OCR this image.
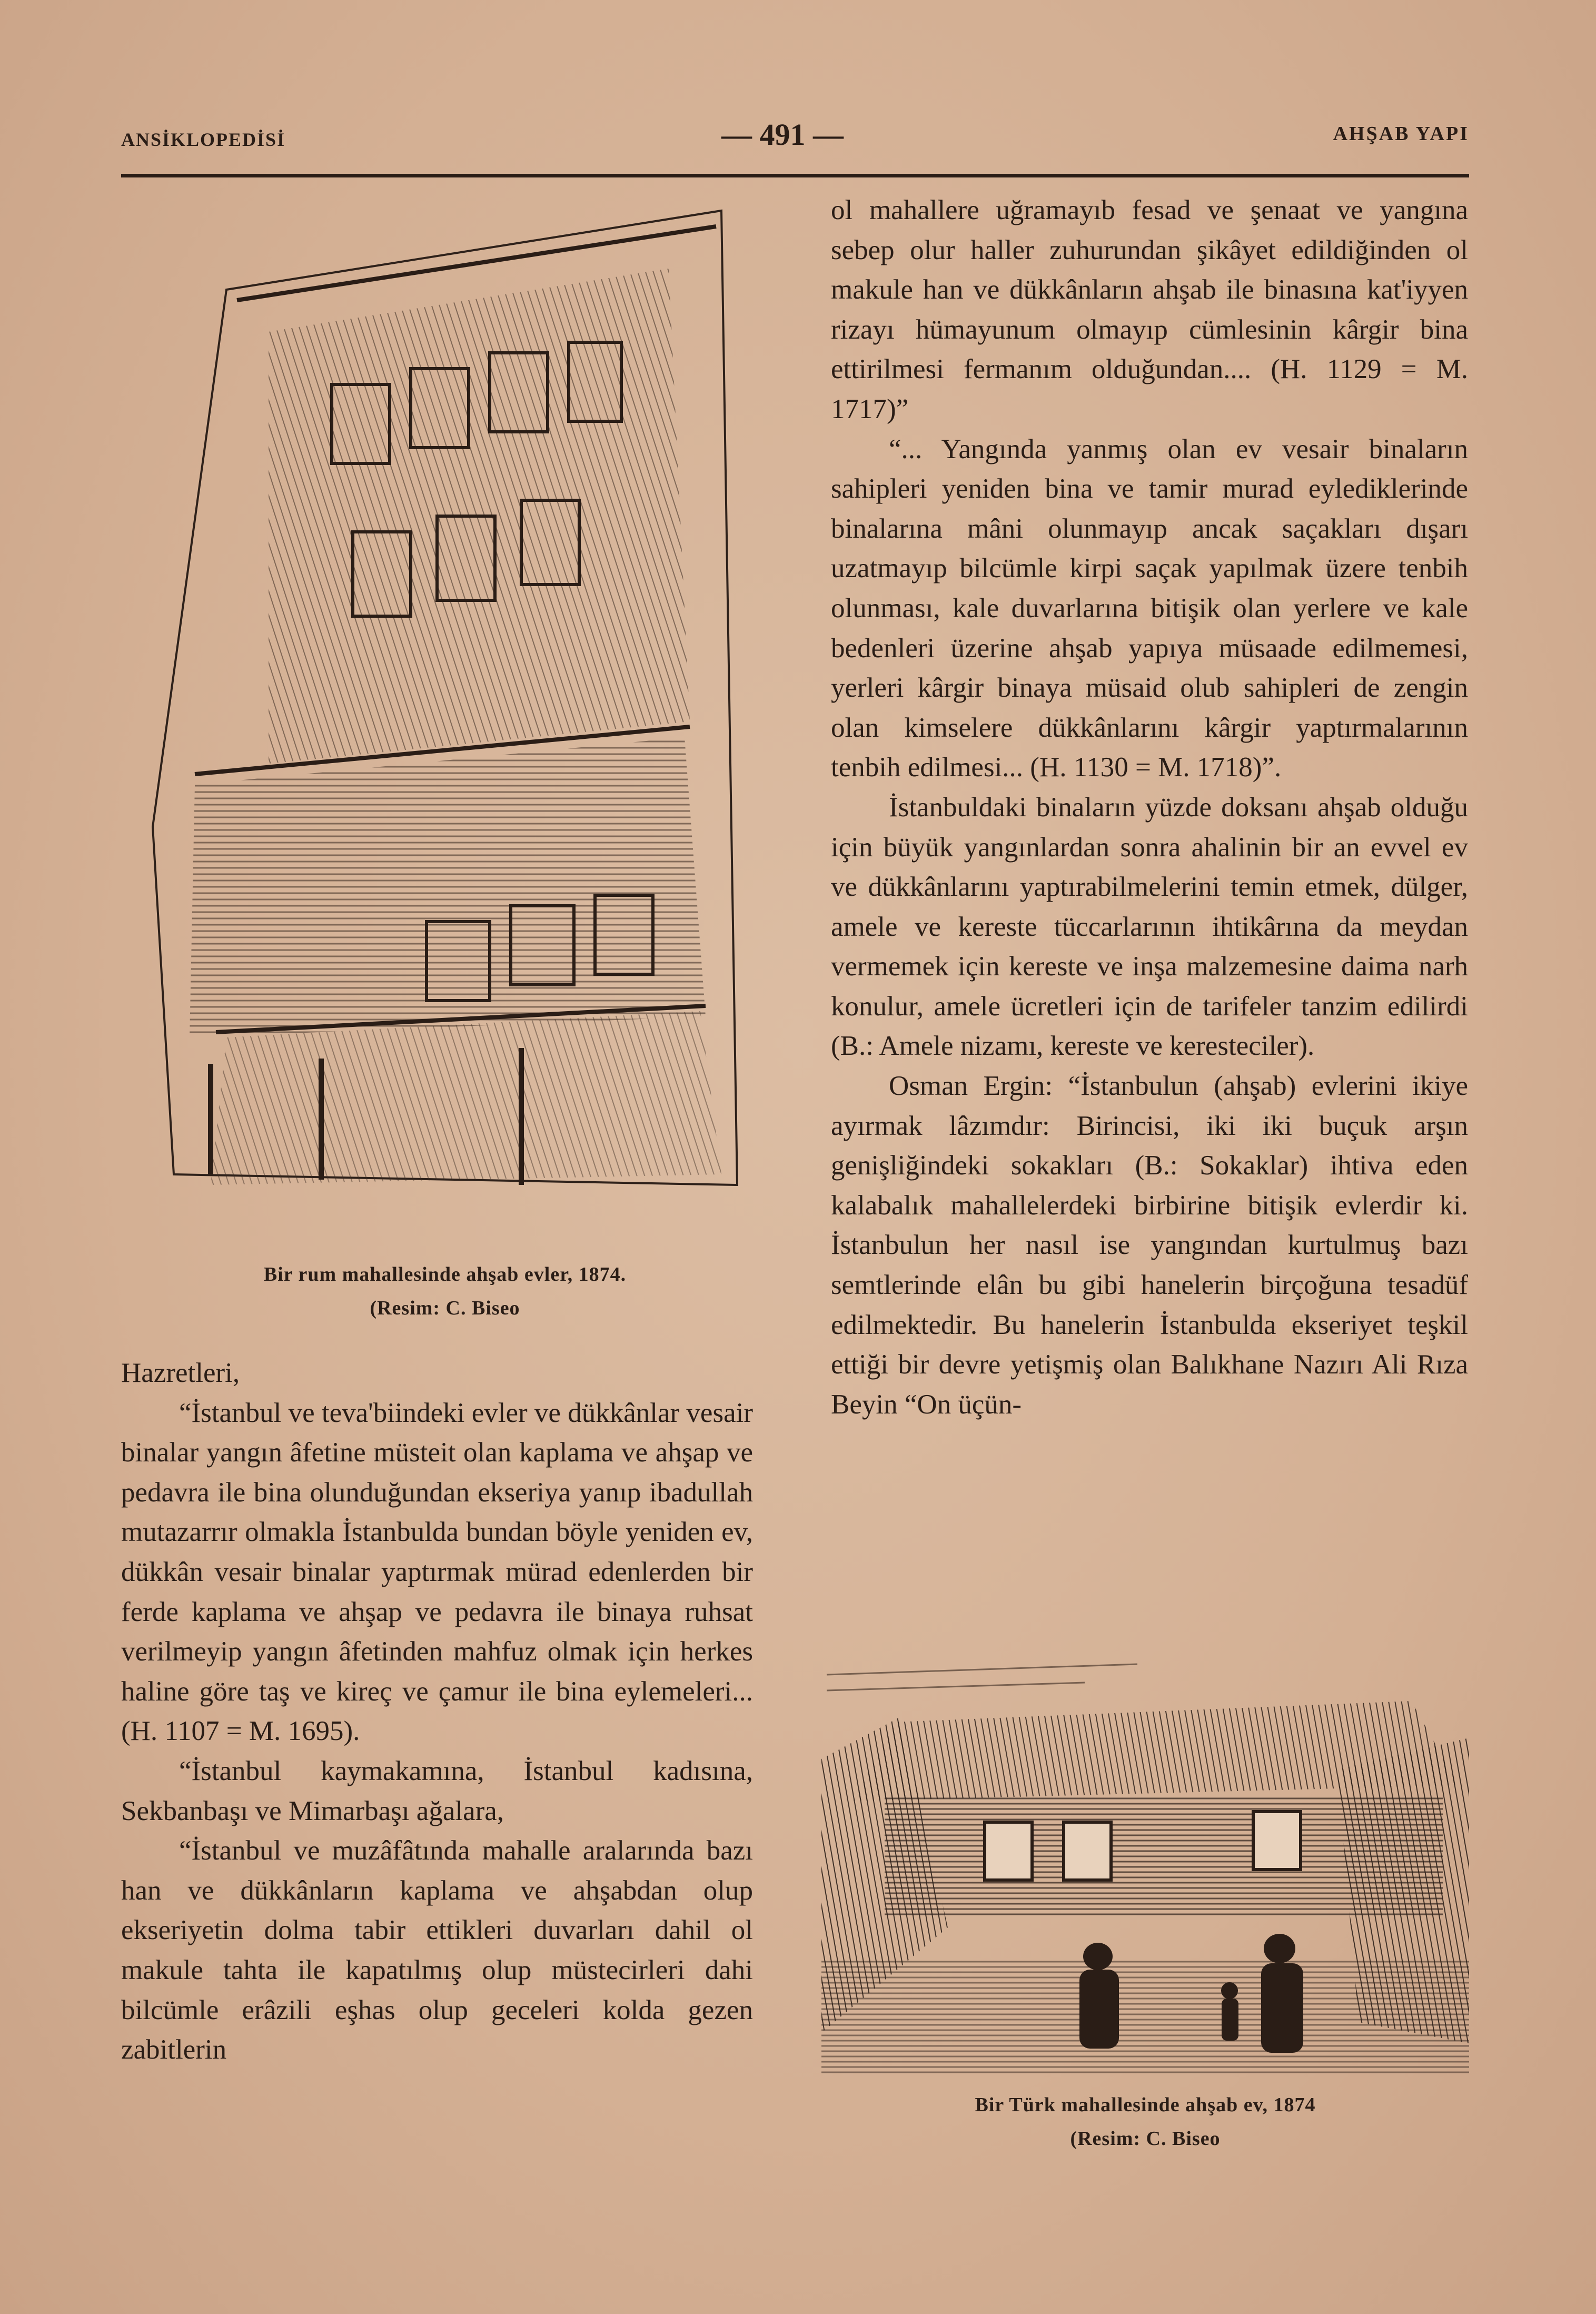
ANSİKLOPEDİSİ	— 491 —	AHŞAB YAPI
Bir rum mahallesinde ahşab evler, 1874.
(Resim: C. Biseo

Hazretleri,

“İstanbul ve teva'biindeki evler ve dükkânlar vesair binalar yangın âfetine müsteit olan kaplama ve ahşap ve pedavra ile bina olunduğundan ekseriya yanıp ibadullah mutazarrır olmakla İstanbulda bundan böyle yeniden ev, dükkân vesair binalar yaptırmak mürad edenlerden bir ferde kaplama ve ahşap ve pedavra ile binaya ruhsat verilmeyip yangın âfetinden mahfuz olmak için herkes haline göre taş ve kireç ve çamur ile bina eylemeleri... (H. 1107 = M. 1695).

“İstanbul kaymakamına, İstanbul kadısına, Sekbanbaşı ve Mimarbaşı ağalara,

“İstanbul ve muzâfâtında mahalle aralarında bazı han ve dükkânların kaplama ve ahşabdan olup ekseriyetin dolma tabir ettikleri duvarları dahil ol makule tahta ile kapatılmış olup müstecirleri dahi bilcümle erâzili eşhas olup geceleri kolda gezen zabitlerin

ol mahallere uğramayıb fesad ve şenaat ve yangına sebep olur haller zuhurundan şikâyet edildiğinden ol makule han ve dükkânların ahşab ile binasına kat'iyyen rizayı hümayunum olmayıp cümlesinin kârgir bina ettirilmesi fermanım olduğundan.... (H. 1129 = M. 1717)”

“... Yangında yanmış olan ev vesair binaların sahipleri yeniden bina ve tamir murad eylediklerinde binalarına mâni olunmayıp ancak saçakları dışarı uzatmayıp bilcümle kirpi saçak yapılmak üzere tenbih olunması, kale duvarlarına bitişik olan yerlere ve kale bedenleri üzerine ahşab yapıya müsaade edilmemesi, yerleri kârgir binaya müsaid olub sahipleri de zengin olan kimselere dükkânlarını kârgir yaptırmalarının tenbih edilmesi... (H. 1130 = M. 1718)”.

İstanbuldaki binaların yüzde doksanı ahşab olduğu için büyük yangınlardan sonra ahalinin bir an evvel ev ve dükkânlarını yaptırabilmelerini temin etmek, dülger, amele ve kereste tüccarlarının ihtikârına da meydan vermemek için kereste ve inşa malzemesine daima narh konulur, amele ücretleri için de tarifeler tanzim edilirdi (B.: Amele nizamı, kereste ve keresteciler).

Osman Ergin: “İstanbulun (ahşab) evlerini ikiye ayırmak lâzımdır: Birincisi, iki iki buçuk arşın genişliğindeki sokakları (B.: Sokaklar) ihtiva eden kalabalık mahallelerdeki birbirine bitişik evlerdir ki. İstanbulun her nasıl ise yangından kurtulmuş bazı semtlerinde elân bu gibi hanelerin birçoğuna tesadüf edilmektedir. Bu hanelerin İstanbulda ekseriyet teşkil ettiği bir devre yetişmiş olan Balıkhane Nazırı Ali Rıza Beyin “On üçün-

Bir Türk mahallesinde ahşab ev, 1874
(Resim: C. Biseo
